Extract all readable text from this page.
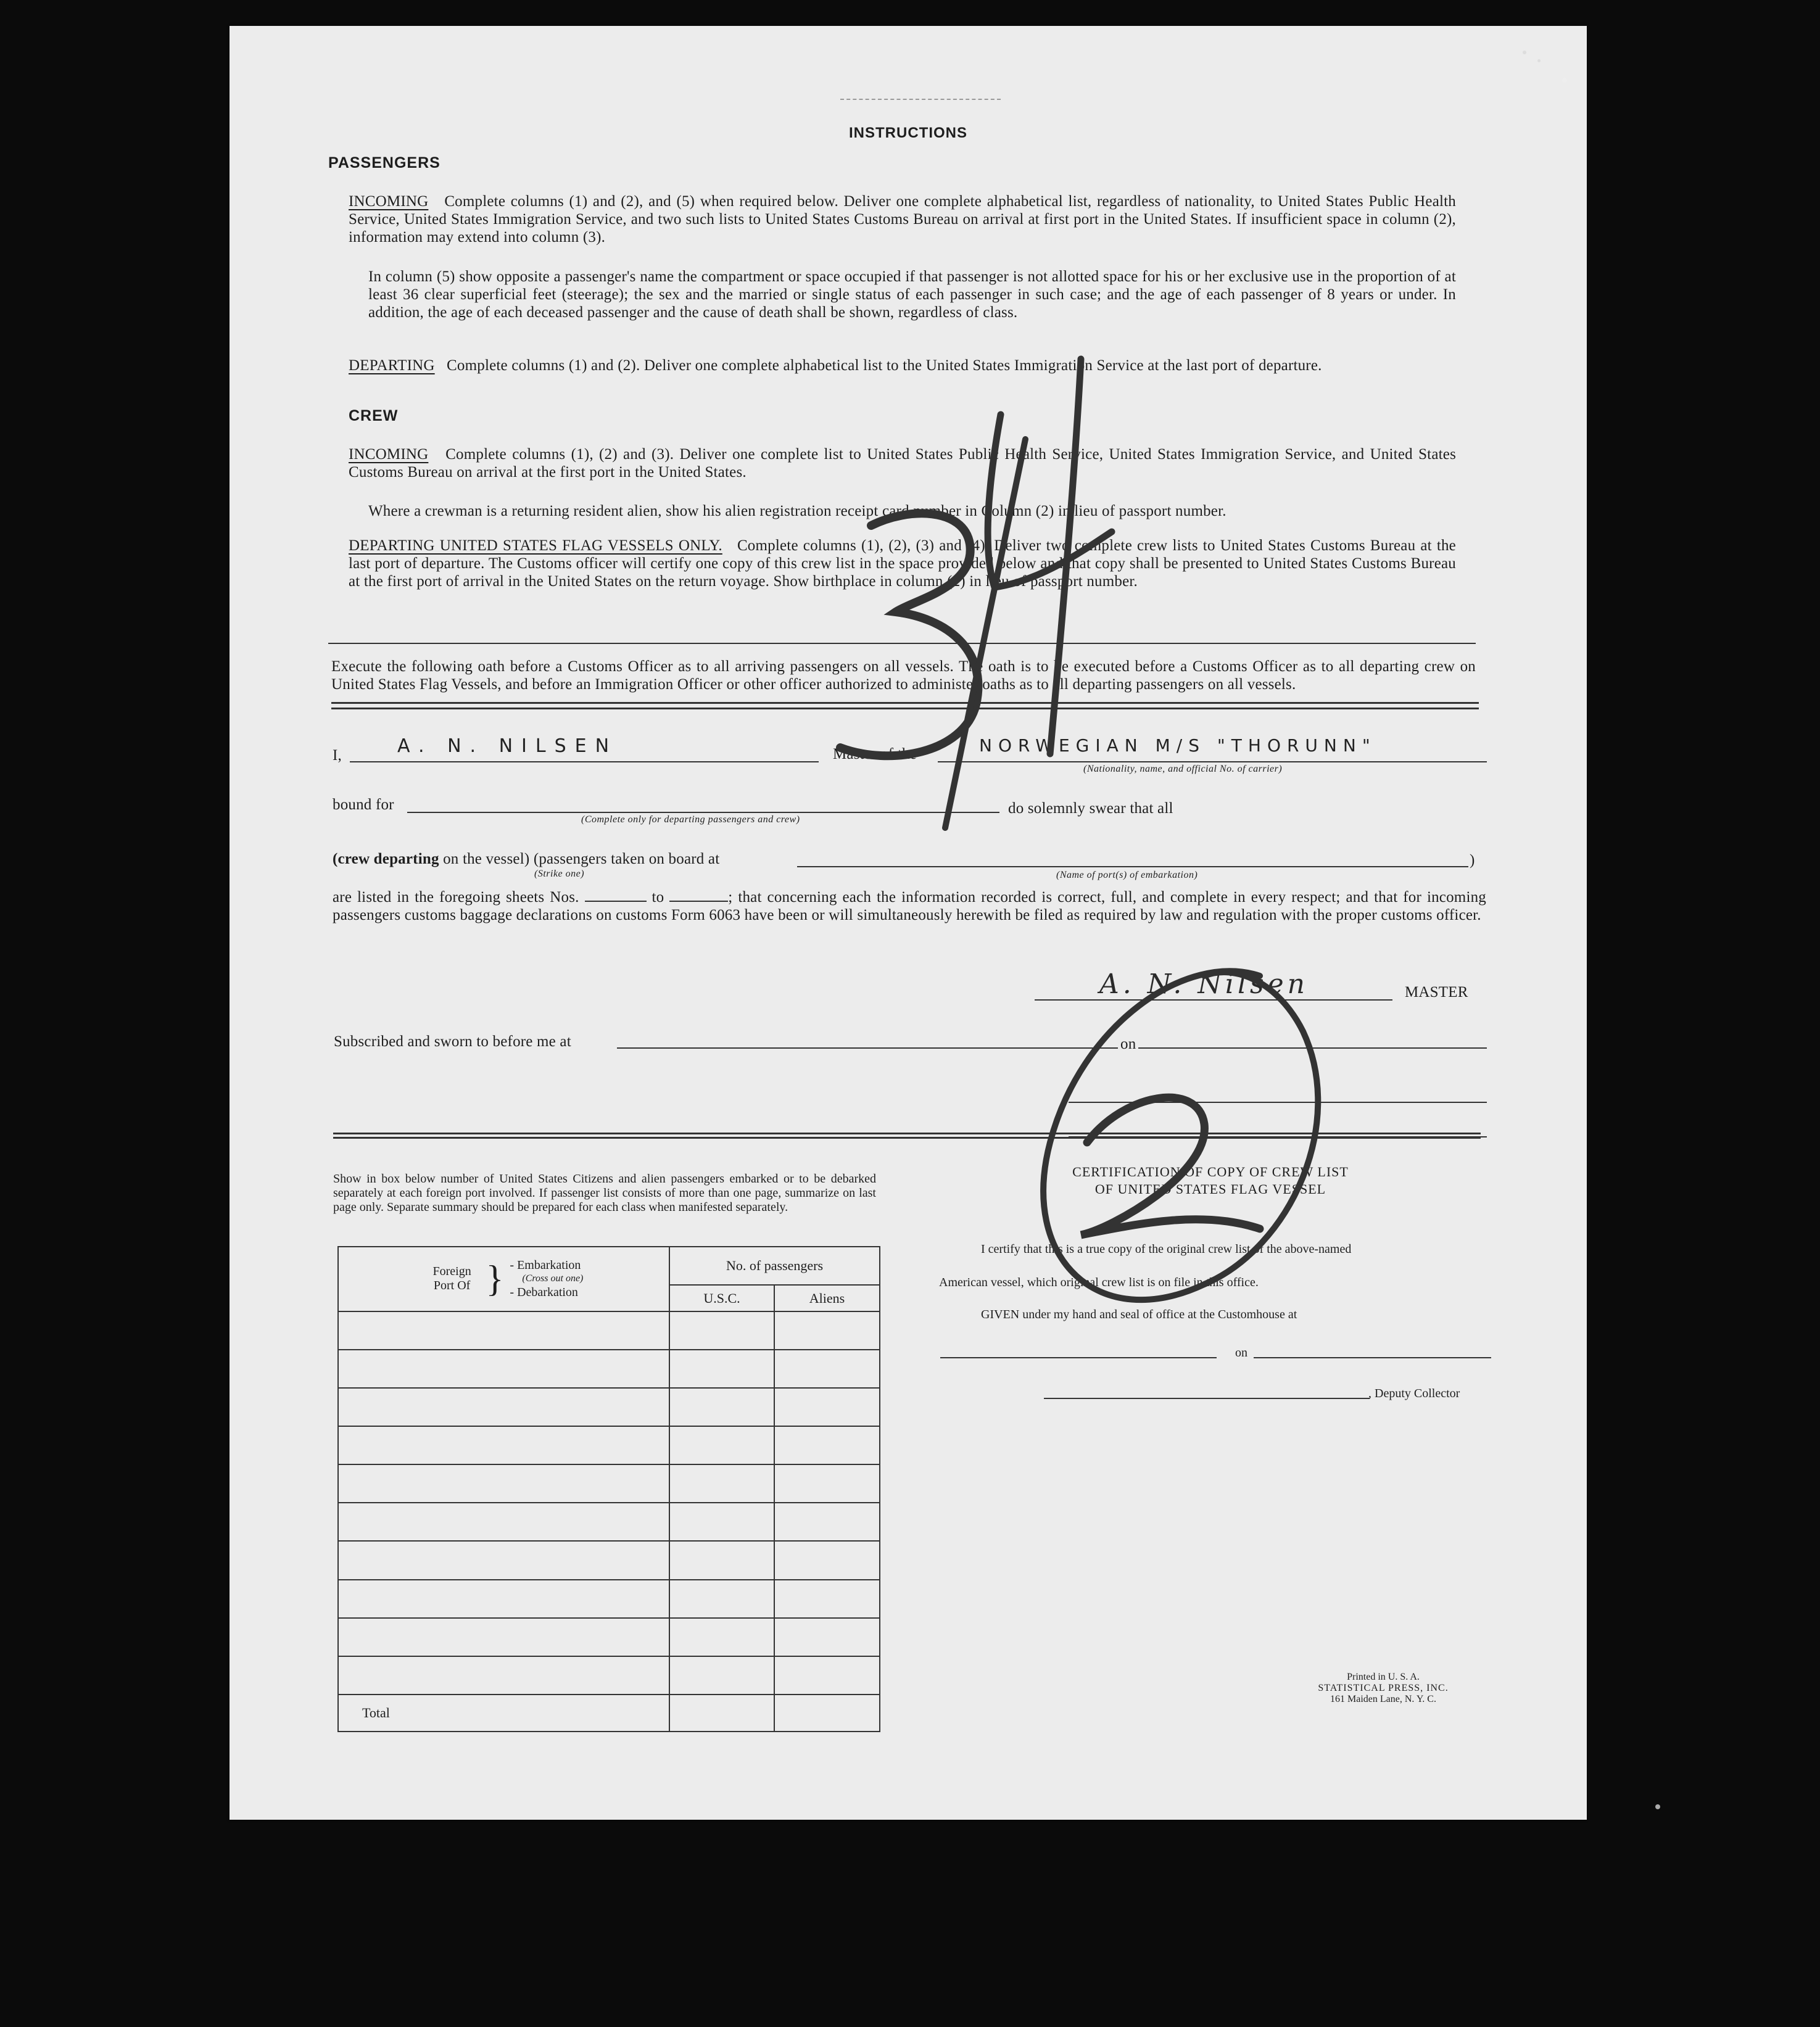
INSTRUCTIONS
PASSENGERS
INCOMING Complete columns (1) and (2), and (5) when required below. Deliver one complete alphabetical list, regardless of nationality, to United States Public Health Service, United States Immigration Service, and two such lists to United States Customs Bureau on arrival at first port in the United States. If insufficient space in column (2), information may extend into column (3).
In column (5) show opposite a passenger's name the compartment or space occupied if that passenger is not allotted space for his or her exclusive use in the proportion of at least 36 clear superficial feet (steerage); the sex and the married or single status of each passenger in such case; and the age of each passenger of 8 years or under. In addition, the age of each deceased passenger and the cause of death shall be shown, regardless of class.
DEPARTING Complete columns (1) and (2). Deliver one complete alphabetical list to the United States Immigration Service at the last port of departure.
CREW
INCOMING Complete columns (1), (2) and (3). Deliver one complete list to United States Public Health Service, United States Immigration Service, and United States Customs Bureau on arrival at the first port in the United States.
Where a crewman is a returning resident alien, show his alien registration receipt card number in Column (2) in lieu of passport number.
DEPARTING UNITED STATES FLAG VESSELS ONLY. Complete columns (1), (2), (3) and (4). Deliver two complete crew lists to United States Customs Bureau at the last port of departure. The Customs officer will certify one copy of this crew list in the space provided below and that copy shall be presented to United States Customs Bureau at the first port of arrival in the United States on the return voyage. Show birthplace in column (2) in lieu of passport number.
Execute the following oath before a Customs Officer as to all arriving passengers on all vessels. The oath is to be executed before a Customs Officer as to all departing crew on United States Flag Vessels, and before an Immigration Officer or other officer authorized to administer oaths as to all departing passengers on all vessels.
I,	A. N. NILSEN	Master of the	NORWEGIAN M/S "THORUNN"
(Nationality, name, and official No. of carrier)
bound for
(Complete only for departing passengers and crew)
do solemnly swear that all
(crew departing on the vessel) (passengers taken on board at
(Strike one)
)
(Name of port(s) of embarkation)
are listed in the foregoing sheets Nos.	to	; that concerning each the information recorded is correct, full, and complete in every respect; and that for incoming passengers customs baggage declarations on customs Form 6063 have been or will simultaneously herewith be filed as required by law and regulation with the proper customs officer.
A. N. Nilsen	MASTER
Subscribed and sworn to before me at	on
Show in box below number of United States Citizens and alien passengers embarked or to be debarked separately at each foreign port involved. If passenger list consists of more than one page, summarize on last page only. Separate summary should be prepared for each class when manifested separately.
Foreign Port Of } - Embarkation
(Cross out one)
- Debarkation	No. of passengers	
	U.S.C.	Aliens

Total		
CERTIFICATION OF COPY OF CREW LIST
OF UNITED STATES FLAG VESSEL
I certify that this is a true copy of the original crew list of the above-named
American vessel, which original crew list is on file in this office.
GIVEN under my hand and seal of office at the Customhouse at
on
, Deputy Collector
Printed in U. S. A.
STATISTICAL PRESS, INC.
161 Maiden Lane, N. Y. C.
3/4
2
